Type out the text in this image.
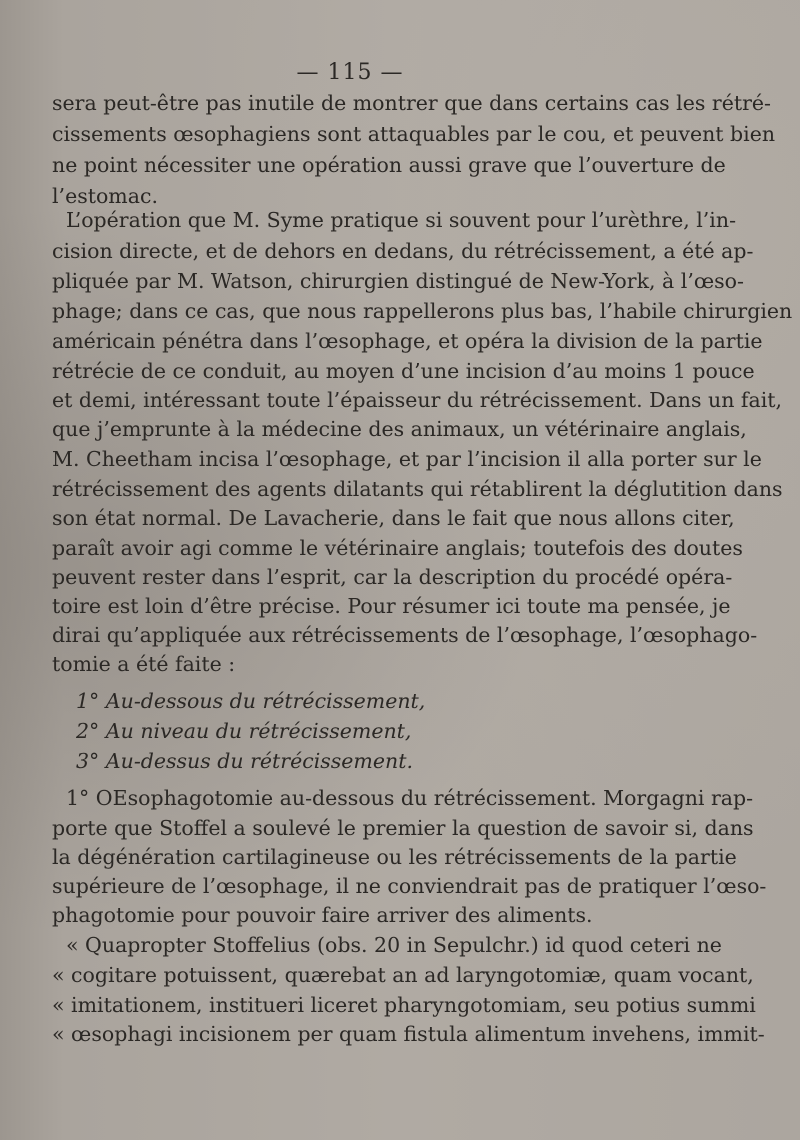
— 115 —
sera peut-être pas inutile de montrer que dans certains cas les rétré-
cissements œsophagiens sont attaquables par le cou, et peuvent bien
ne point nécessiter une opération aussi grave que l’ouverture de
l’estomac.
L’opération que M. Syme pratique si souvent pour l’urèthre, l’in-
cision directe, et de dehors en dedans, du rétrécissement, a été ap-
pliquée par M. Watson, chirurgien distingué de New-York, à l’œso-
phage; dans ce cas, que nous rappellerons plus bas, l’habile chirurgien
américain pénétra dans l’œsophage, et opéra la division de la partie
rétrécie de ce conduit, au moyen d’une incision d’au moins 1 pouce
et demi, intéressant toute l’épaisseur du rétrécissement. Dans un fait,
que j’emprunte à la médecine des animaux, un vétérinaire anglais,
M. Cheetham incisa l’œsophage, et par l’incision il alla porter sur le
rétrécissement des agents dilatants qui rétablirent la déglutition dans
son état normal. De Lavacherie, dans le fait que nous allons citer,
paraît avoir agi comme le vétérinaire anglais; toutefois des doutes
peuvent rester dans l’esprit, car la description du procédé opéra-
toire est loin d’être précise. Pour résumer ici toute ma pensée, je
dirai qu’appliquée aux rétrécissements de l’œsophage, l’œsophago-
tomie a été faite :
1° Au-dessous du rétrécissement,
2° Au niveau du rétrécissement,
3° Au-dessus du rétrécissement.
1° OEsophagotomie au-dessous du rétrécissement. Morgagni rap-
porte que Stoffel a soulevé le premier la question de savoir si, dans
la dégénération cartilagineuse ou les rétrécissements de la partie
supérieure de l’œsophage, il ne conviendrait pas de pratiquer l’œso-
phagotomie pour pouvoir faire arriver des aliments.
« Quapropter Stoffelius (obs. 20 in Sepulchr.) id quod ceteri ne
« cogitare potuissent, quærebat an ad laryngotomiæ, quam vocant,
« imitationem, institueri liceret pharyngotomiam, seu potius summi
« œsophagi incisionem per quam fistula alimentum invehens, immit-
